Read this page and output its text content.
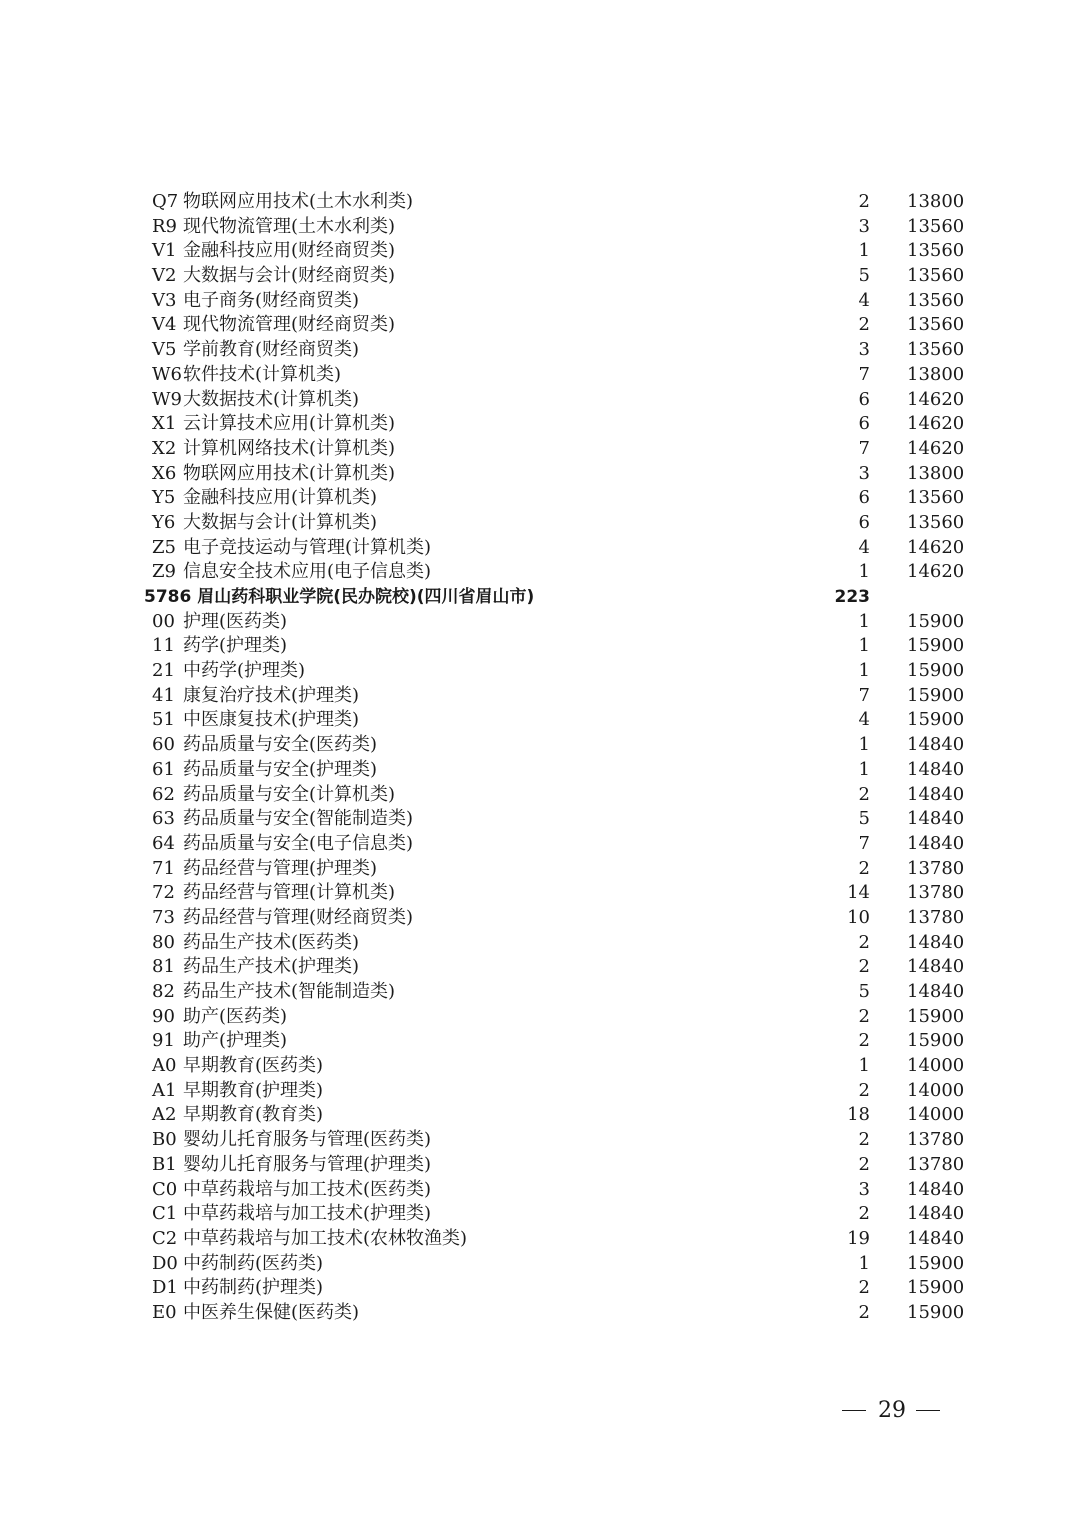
Q7 物联网应用技术(土木水利类)	2 13800
R9 现代物流管理(土木水利类)	3 13560
V1 金融科技应用(财经商贸类)	1 13560
V2 大数据与会计(财经商贸类)	5 13560
V3 电子商务(财经商贸类)	4 13560
V4 现代物流管理(财经商贸类)	2 13560
V5 学前教育(财经商贸类)	3 13560
W6 软件技术(计算机类)	7 13800
W9 大数据技术(计算机类)	6 14620
X1 云计算技术应用(计算机类)	6 14620
X2 计算机网络技术(计算机类)	7 14620
X6 物联网应用技术(计算机类)	3 13800
Y5 金融科技应用(计算机类)	6 13560
Y6 大数据与会计(计算机类)	6 13560
Z5 电子竞技运动与管理(计算机类)	4 14620
Z9 信息安全技术应用(电子信息类)	1 14620
5786 眉山药科职业学院(民办院校)(四川省眉山市)	223
00 护理(医药类)	1 15900
11 药学(护理类)	1 15900
21 中药学(护理类)	1 15900
41 康复治疗技术(护理类)	7 15900
51 中医康复技术(护理类)	4 15900
60 药品质量与安全(医药类)	1 14840
61 药品质量与安全(护理类)	1 14840
62 药品质量与安全(计算机类)	2 14840
63 药品质量与安全(智能制造类)	5 14840
64 药品质量与安全(电子信息类)	7 14840
71 药品经营与管理(护理类)	2 13780
72 药品经营与管理(计算机类)	14 13780
73 药品经营与管理(财经商贸类)	10 13780
80 药品生产技术(医药类)	2 14840
81 药品生产技术(护理类)	2 14840
82 药品生产技术(智能制造类)	5 14840
90 助产(医药类)	2 15900
91 助产(护理类)	2 15900
A0 早期教育(医药类)	1 14000
A1 早期教育(护理类)	2 14000
A2 早期教育(教育类)	18 14000
B0 婴幼儿托育服务与管理(医药类)	2 13780
B1 婴幼儿托育服务与管理(护理类)	2 13780
C0 中草药栽培与加工技术(医药类)	3 14840
C1 中草药栽培与加工技术(护理类)	2 14840
C2 中草药栽培与加工技术(农林牧渔类)	19 14840
D0 中药制药(医药类)	1 15900
D1 中药制药(护理类)	2 15900
E0 中医养生保健(医药类)	2 15900
29
